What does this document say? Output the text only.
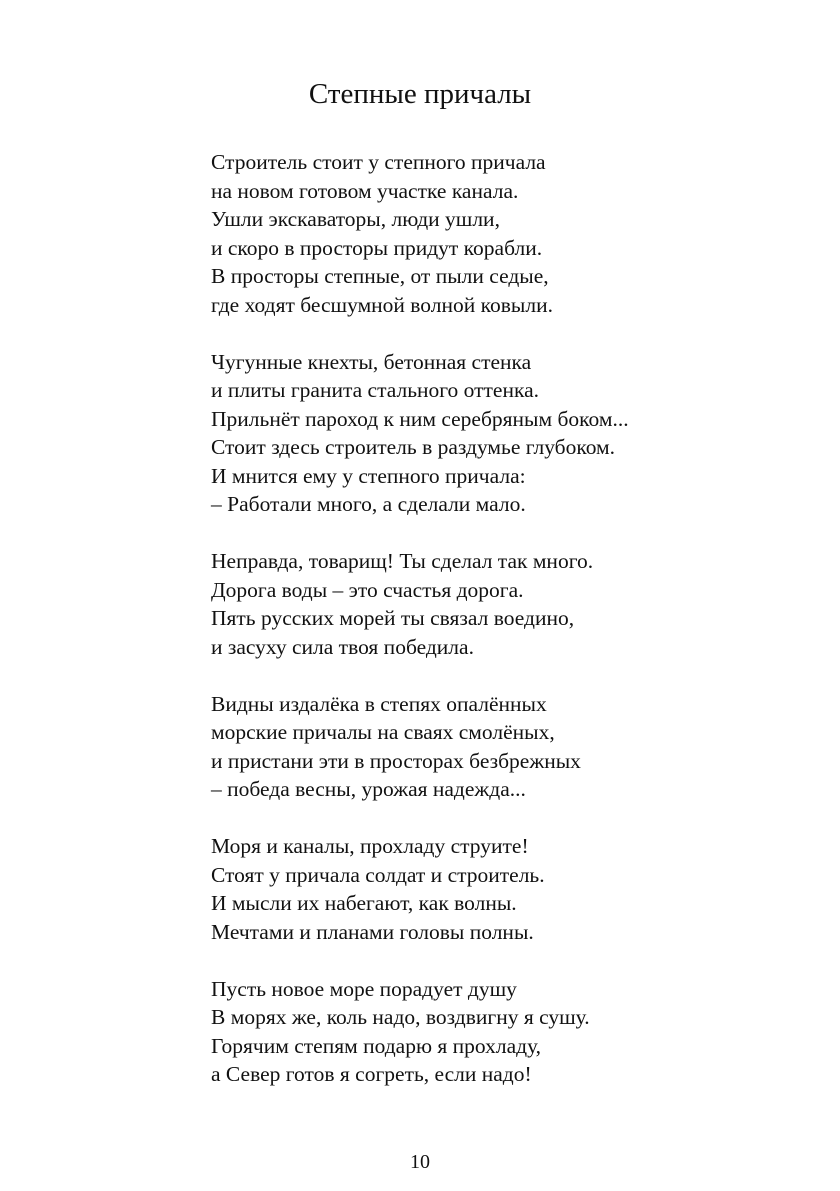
Степные причалы
Строитель стоит у степного причала
на новом готовом участке канала.
Ушли экскаваторы, люди ушли,
и скоро в просторы придут корабли.
В просторы степные, от пыли седые,
где ходят бесшумной волной ковыли.
Чугунные кнехты, бетонная стенка
и плиты гранита стального оттенка.
Прильнёт пароход к ним серебряным боком...
Стоит здесь строитель в раздумье глубоком.
И мнится ему у степного причала:
– Работали много, а сделали мало.
Неправда, товарищ! Ты сделал так много.
Дорога воды – это счастья дорога.
Пять русских морей ты связал воедино,
и засуху сила твоя победила.
Видны издалёка в степях опалённых
морские причалы на сваях смолёных,
и пристани эти в просторах безбрежных
– победа весны, урожая надежда...
Моря и каналы, прохладу струите!
Стоят у причала солдат и строитель.
И мысли их набегают, как волны.
Мечтами и планами головы полны.
Пусть новое море порадует душу
В морях же, коль надо, воздвигну я сушу.
Горячим степям подарю я прохладу,
а Север готов я согреть, если надо!
10
